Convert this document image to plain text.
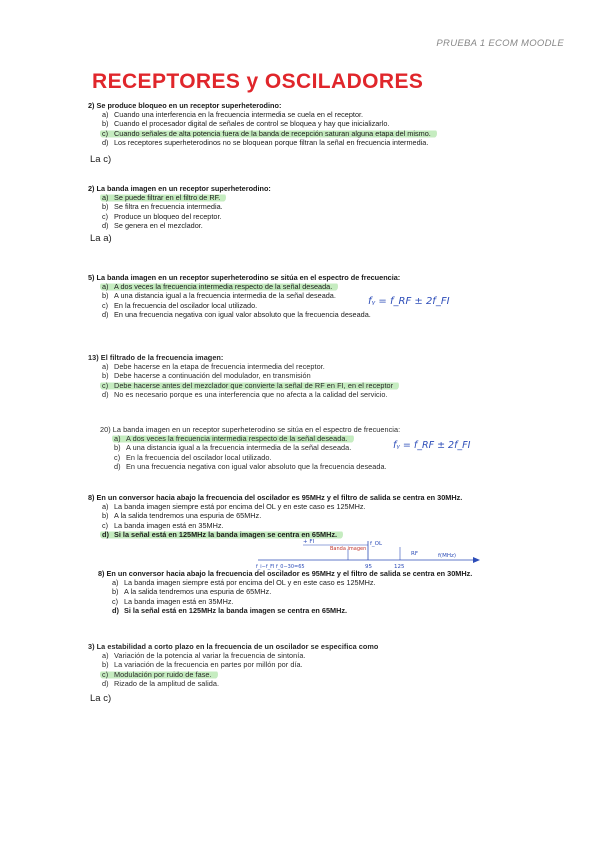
PRUEBA 1 ECOM MOODLE
RECEPTORES y OSCILADORES
2) Se produce bloqueo en un receptor superheterodino:
a) Cuando una interferencia en la frecuencia intermedia se cuela en el receptor.
b) Cuando el procesador digital de señales de control se bloquea y hay que inicializarlo.
c) Cuando señales de alta potencia fuera de la banda de recepción saturan alguna etapa del mismo.
d) Los receptores superheterodinos no se bloquean porque filtran la señal en frecuencia intermedia.
La c)
2) La banda imagen en un receptor superheterodino:
a) Se puede filtrar en el filtro de RF.
b) Se filtra en frecuencia intermedia.
c) Produce un bloqueo del receptor.
d) Se genera en el mezclador.
La a)
5) La banda imagen en un receptor superheterodino se sitúa en el espectro de frecuencia:
a) A dos veces la frecuencia intermedia respecto de la señal deseada.
b) A una distancia igual a la frecuencia intermedia de la señal deseada.
c) En la frecuencia del oscilador local utilizado.
d) En una frecuencia negativa con igual valor absoluto que la frecuencia deseada.
fᵧ = f_RF ± 2f_FI
13) El filtrado de la frecuencia imagen:
a) Debe hacerse en la etapa de frecuencia intermedia del receptor.
b) Debe hacerse a continuación del modulador, en transmisión
c) Debe hacerse antes del mezclador que convierte la señal de RF en FI, en el receptor
d) No es necesario porque es una interferencia que no afecta a la calidad del servicio.
20) La banda imagen en un receptor superheterodino se sitúa en el espectro de frecuencia:
a) A dos veces la frecuencia intermedia respecto de la señal deseada.
b) A una distancia igual a la frecuencia intermedia de la señal deseada.
c) En la frecuencia del oscilador local utilizado.
d) En una frecuencia negativa con igual valor absoluto que la frecuencia deseada.
fᵧ = f_RF ± 2f_FI
8) En un conversor hacia abajo la frecuencia del oscilador es 95MHz y el filtro de salida se centra en 30MHz.
a) La banda imagen siempre está por encima del OL y en este caso es 125MHz.
b) A la salida tendremos una espuria de 65MHz.
c) La banda imagen está en 35MHz.
d) Si la señal está en 125MHz la banda imagen se centra en 65MHz.
+ FI
Banda imagen
f_OL
RF
95	125
f_i−f_FI f_0−30=65
f(MHz)
8) En un conversor hacia abajo la frecuencia del oscilador es 95MHz y el filtro de salida se centra en 30MHz.
a) La banda imagen siempre está por encima del OL y en este caso es 125MHz.
b) A la salida tendremos una espuria de 65MHz.
c) La banda imagen está en 35MHz.
d) Si la señal está en 125MHz la banda imagen se centra en 65MHz.
3) La estabilidad a corto plazo en la frecuencia de un oscilador se especifica como
a) Variación de la potencia al variar la frecuencia de sintonía.
b) La variación de la frecuencia en partes por millón por día.
c) Modulación por ruido de fase.
d) Rizado de la amplitud de salida.
La c)
